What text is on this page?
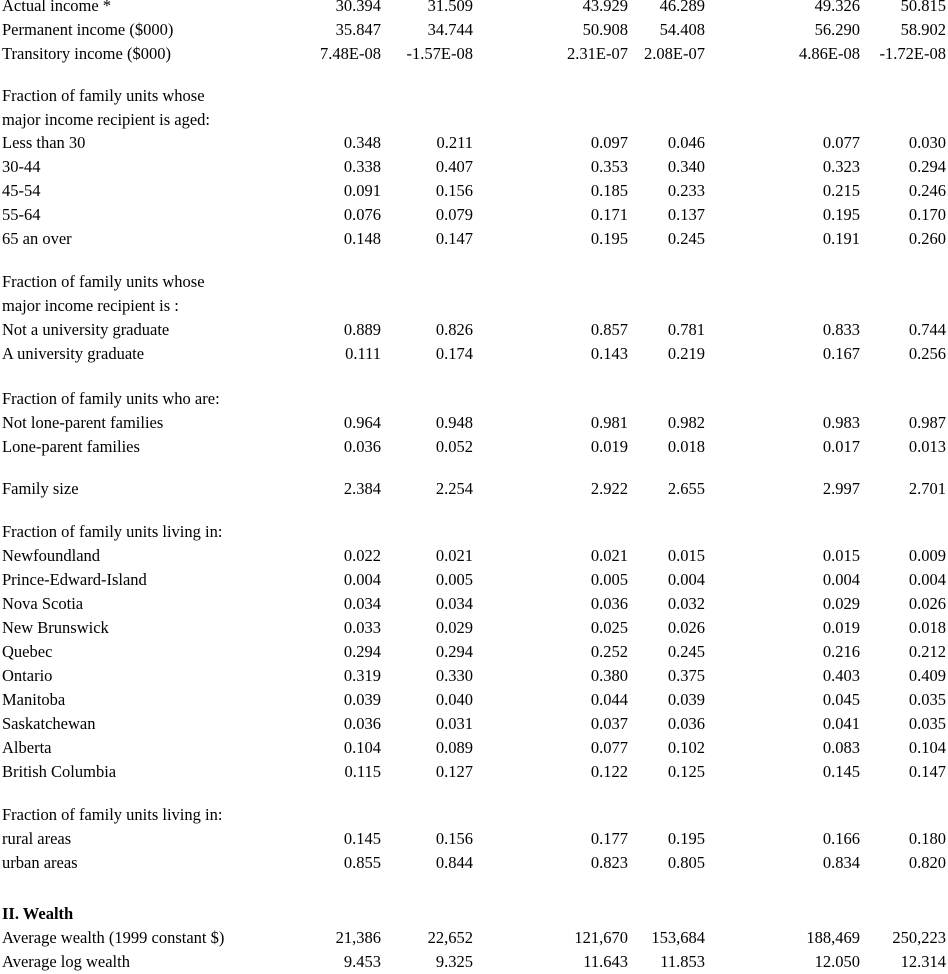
Actual income *	30.394	31.509	43.929 46.289	49.326 50.815
Permanent income ($000)	35.847	34.744	50.908 54.408	56.290 58.902
Transitory income ($000)	7.48E-08 -1.57E-08	2.31E-07 2.08E-07	4.86E-08 -1.72E-08
Fraction of family units whose
major income recipient is aged:
Less than 30	0.348	0.211	0.097 0.046	0.077	0.030
30-44	0.338	0.407	0.353 0.340	0.323	0.294
45-54	0.091	0.156	0.185 0.233	0.215	0.246
55-64	0.076	0.079	0.171 0.137	0.195	0.170
65 an over	0.148	0.147	0.195 0.245	0.191	0.260
Fraction of family units whose
major income recipient is :
Not a university graduate	0.889	0.826	0.857 0.781	0.833	0.744
A university graduate	0.111	0.174	0.143 0.219	0.167	0.256
Fraction of family units who are:
Not lone-parent families	0.964	0.948	0.981 0.982	0.983	0.987
Lone-parent families	0.036	0.052	0.019 0.018	0.017	0.013
Family size	2.384	2.254	2.922 2.655	2.997	2.701
Fraction of family units living in:
Newfoundland	0.022	0.021	0.021 0.015	0.015	0.009
Prince-Edward-Island	0.004	0.005	0.005 0.004	0.004	0.004
Nova Scotia	0.034	0.034	0.036 0.032	0.029	0.026
New Brunswick	0.033	0.029	0.025 0.026	0.019	0.018
Quebec	0.294	0.294	0.252 0.245	0.216	0.212
Ontario	0.319	0.330	0.380 0.375	0.403	0.409
Manitoba	0.039	0.040	0.044 0.039	0.045	0.035
Saskatchewan	0.036	0.031	0.037 0.036	0.041	0.035
Alberta	0.104	0.089	0.077 0.102	0.083	0.104
British Columbia	0.115	0.127	0.122 0.125	0.145	0.147
Fraction of family units living in:
rural areas	0.145	0.156	0.177 0.195	0.166	0.180
urban areas	0.855	0.844	0.823 0.805	0.834	0.820
II. Wealth
Average wealth (1999 constant $)	21,386	22,652	121,670 153,684	188,469 250,223
Average log wealth	9.453	9.325	11.643 11.853	12.050 12.314
